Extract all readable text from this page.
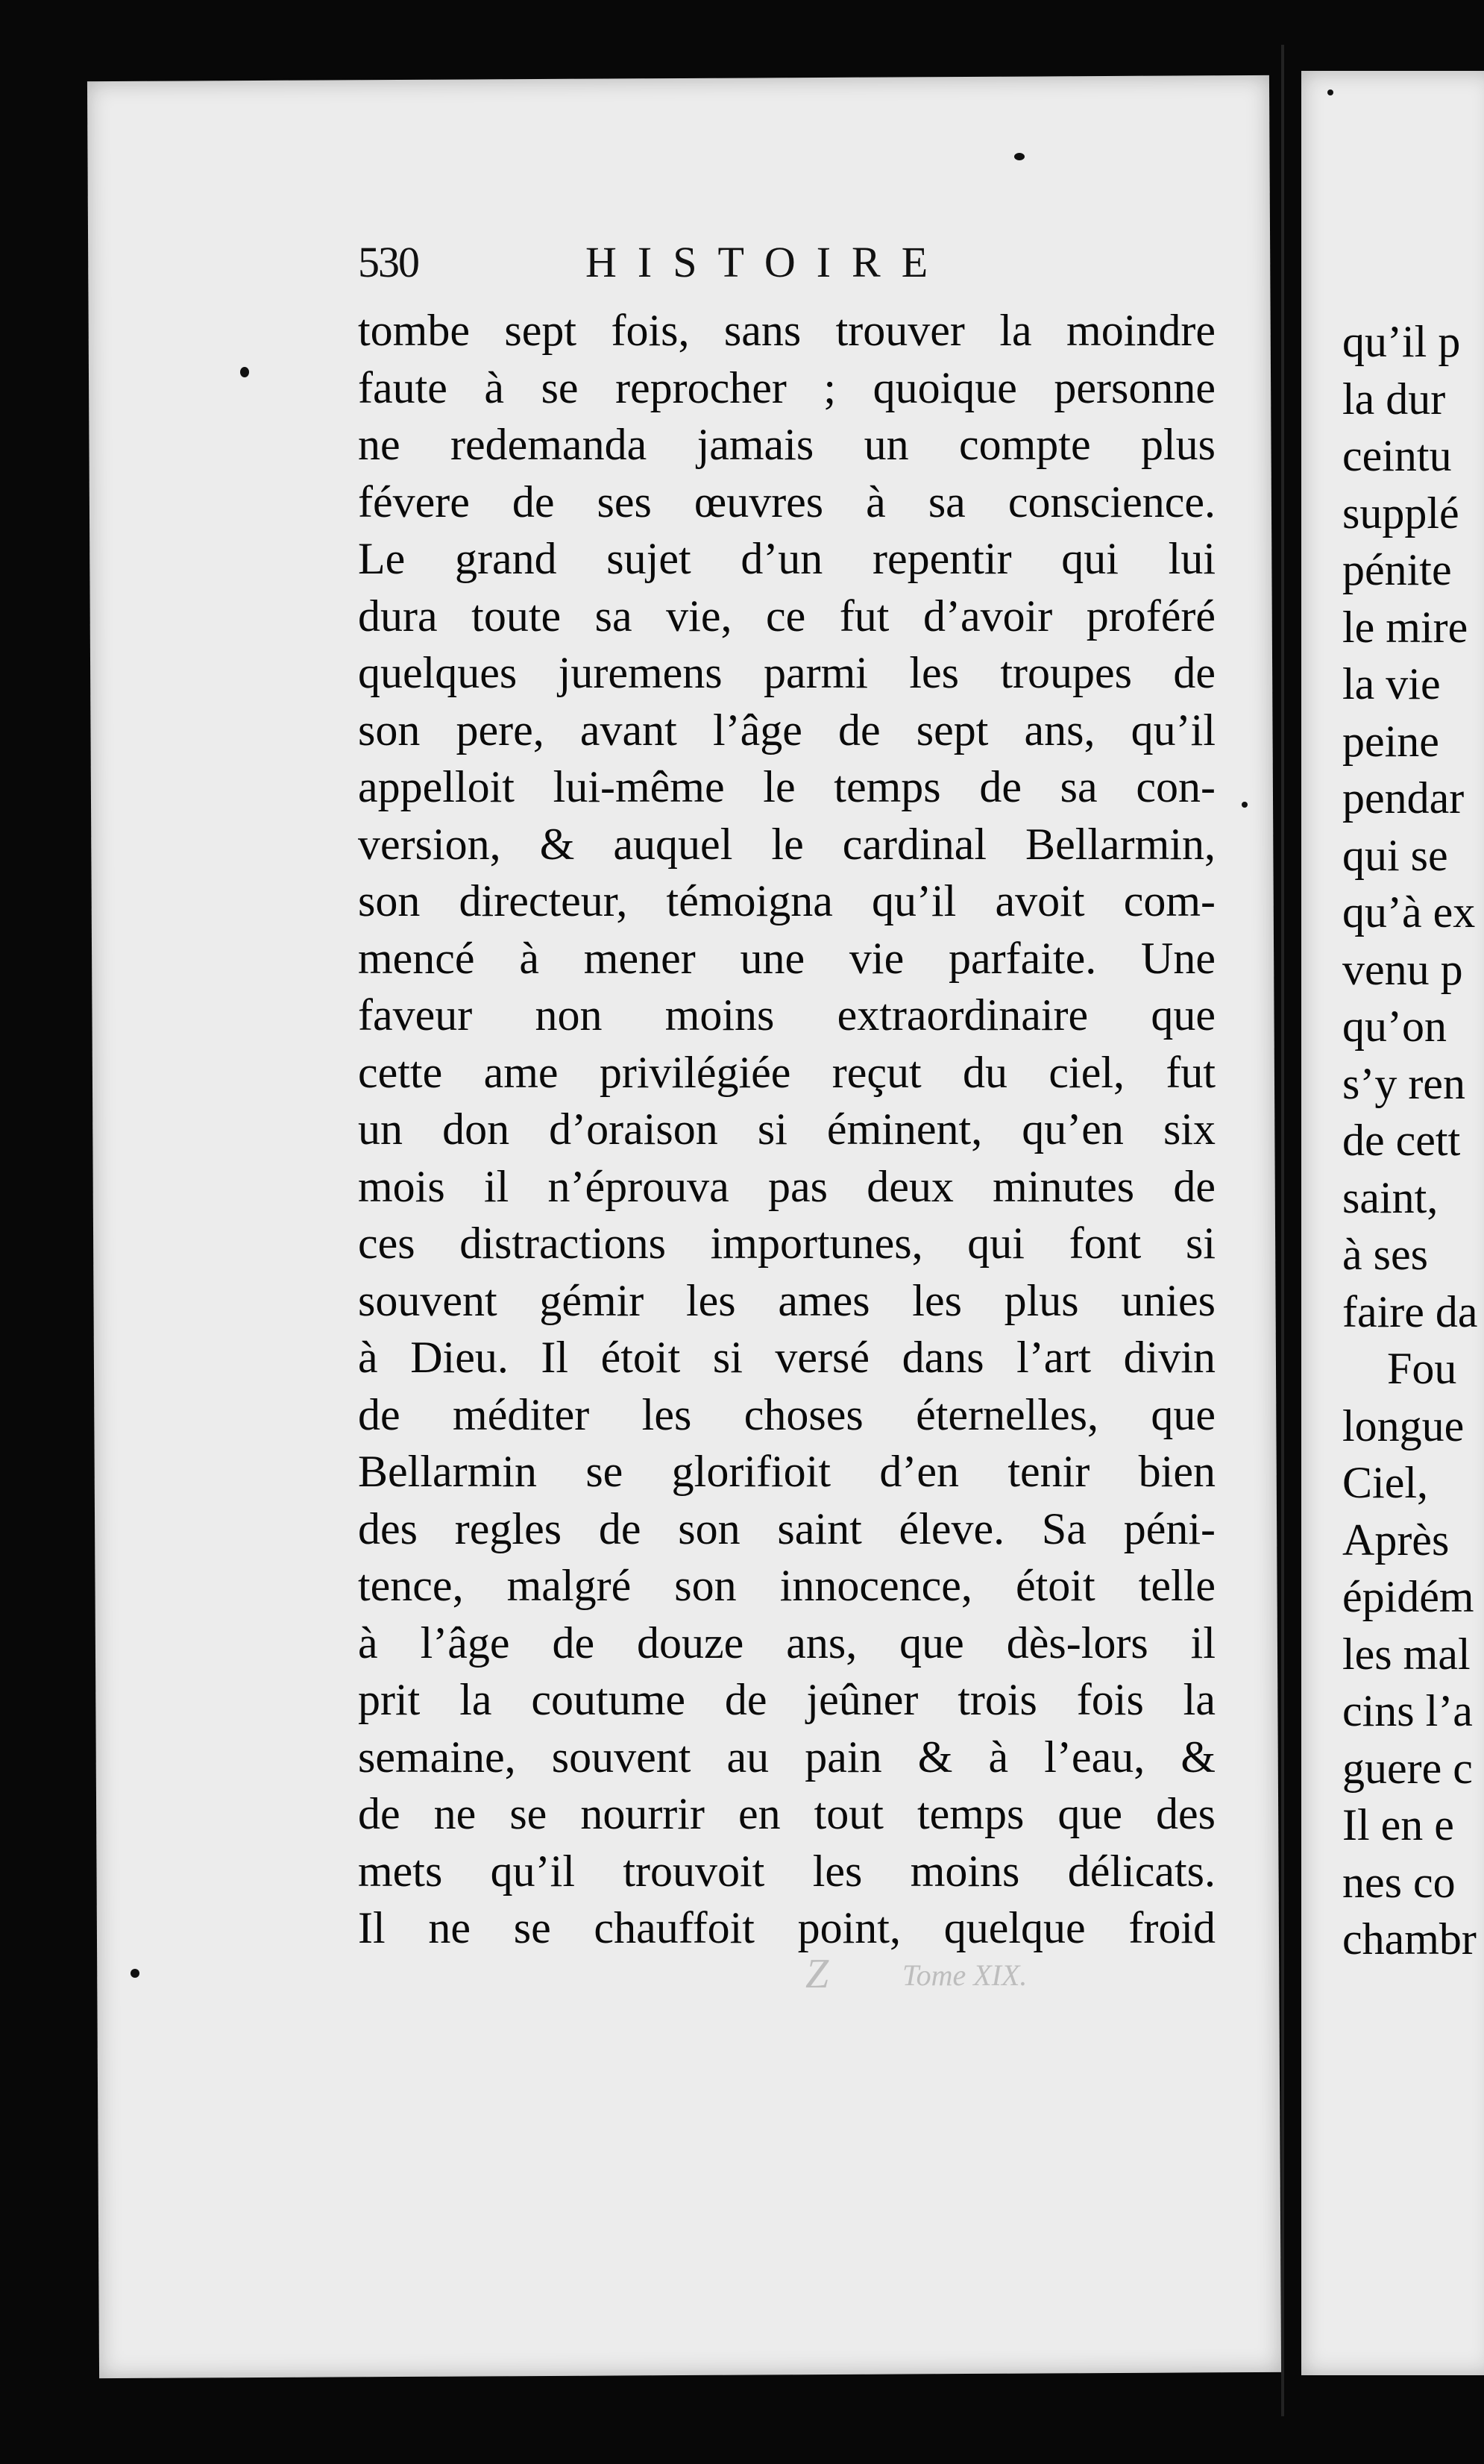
530	HISTOIRE
tombe sept fois, sans trouver la moindre
faute à se reprocher ; quoique personne
ne redemanda jamais un compte plus
févere de ses œuvres à sa conscience.
Le grand sujet d’un repentir qui lui
dura toute sa vie, ce fut d’avoir proféré
quelques juremens parmi les troupes de
son pere, avant l’âge de sept ans, qu’il
appelloit lui-même le temps de sa con-
version, & auquel le cardinal Bellarmin,
son directeur, témoigna qu’il avoit com-
mencé à mener une vie parfaite. Une
faveur non moins extraordinaire que
cette ame privilégiée reçut du ciel, fut
un don d’oraison si éminent, qu’en six
mois il n’éprouva pas deux minutes de
ces distractions importunes, qui font si
souvent gémir les ames les plus unies
à Dieu. Il étoit si versé dans l’art divin
de méditer les choses éternelles, que
Bellarmin se glorifioit d’en tenir bien
des regles de son saint éleve. Sa péni-
tence, malgré son innocence, étoit telle
à l’âge de douze ans, que dès-lors il
prit la coutume de jeûner trois fois la
semaine, souvent au pain & à l’eau, &
de ne se nourrir en tout temps que des
mets qu’il trouvoit les moins délicats.
Il ne se chauffoit point, quelque froid
qu’il p
la dur
ceintu
supplé
pénite
le mire
la vie
peine
pendar
qui se
qu’à ex
venu p
qu’on
s’y ren
de cett
saint,
à ses
faire da
Fou
longue
Ciel,
Après
épidém
les mal
cins l’a
guere c
Il en e
nes co
chambr
Tome XIX.
Z
